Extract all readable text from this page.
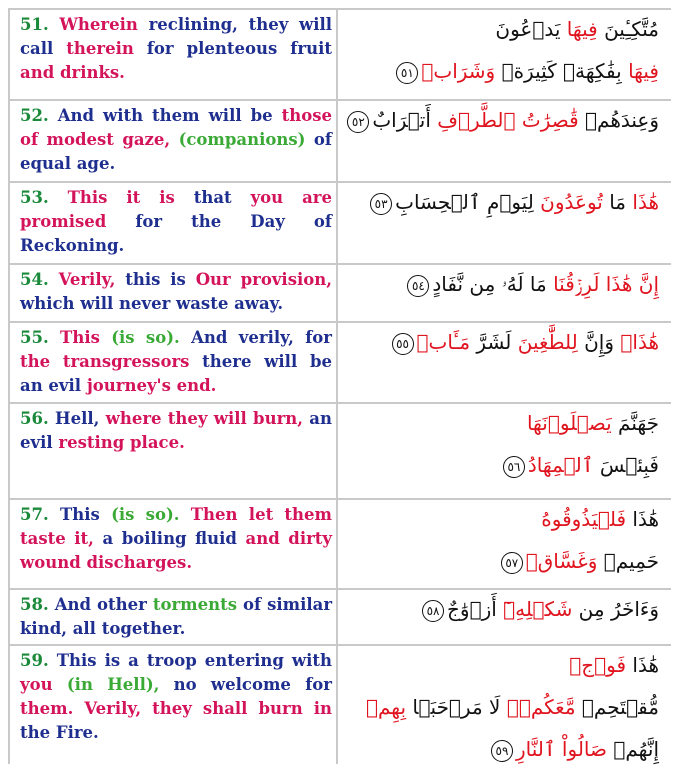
51. Wherein reclining, they will call therein for plenteous fruit and drinks.
مُتَّكِـِٔينَ فِيهَا يَدۡعُونَ
فِيهَا بِفَٰكِهَةٖ كَثِيرَةٖ وَشَرَابٖ٥١
52. And with them will be those of modest gaze, (companions) of equal age.
وَعِندَهُمۡ قَٰصِرَٰتُ ٱلطَّرۡفِ أَتۡرَابٌ٥٢
53. This it is that you are promised for the Day of Reckoning.
هَٰذَا مَا تُوعَدُونَ لِيَوۡمِ ٱلۡحِسَابِ٥٣
54. Verily, this is Our provision, which will never waste away.
إِنَّ هَٰذَا لَرِزۡقُنَا مَا لَهُۥ مِن نَّفَادٍ٥٤
55. This (is so). And verily, for the transgressors there will be an evil journey's end.
هَٰذَاۚ وَإِنَّ لِلطَّٰغِينَ لَشَرَّ مَـَٔابٖ٥٥
56. Hell, where they will burn, an evil resting place.
جَهَنَّمَ يَصۡلَوۡنَهَا
فَبِئۡسَ ٱلۡمِهَادُ٥٦
57. This (is so). Then let them taste it, a boiling fluid and dirty wound discharges.
هَٰذَا فَلۡيَذُوقُوهُ
حَمِيمٞ وَغَسَّاقٞ٥٧
58. And other torments of similar kind, all together.
وَءَاخَرُ مِن شَكۡلِهِۦٓ أَزۡوَٰجٌ٥٨
59. This is a troop entering with you (in Hell), no welcome for them. Verily, they shall burn in the Fire.
هَٰذَا فَوۡجٞ
مُّقۡتَحِمٞ مَّعَكُمۡۖ لَا مَرۡحَبَۢا بِهِمۡ
إِنَّهُمۡ صَالُواْ ٱلنَّارِ٥٩
